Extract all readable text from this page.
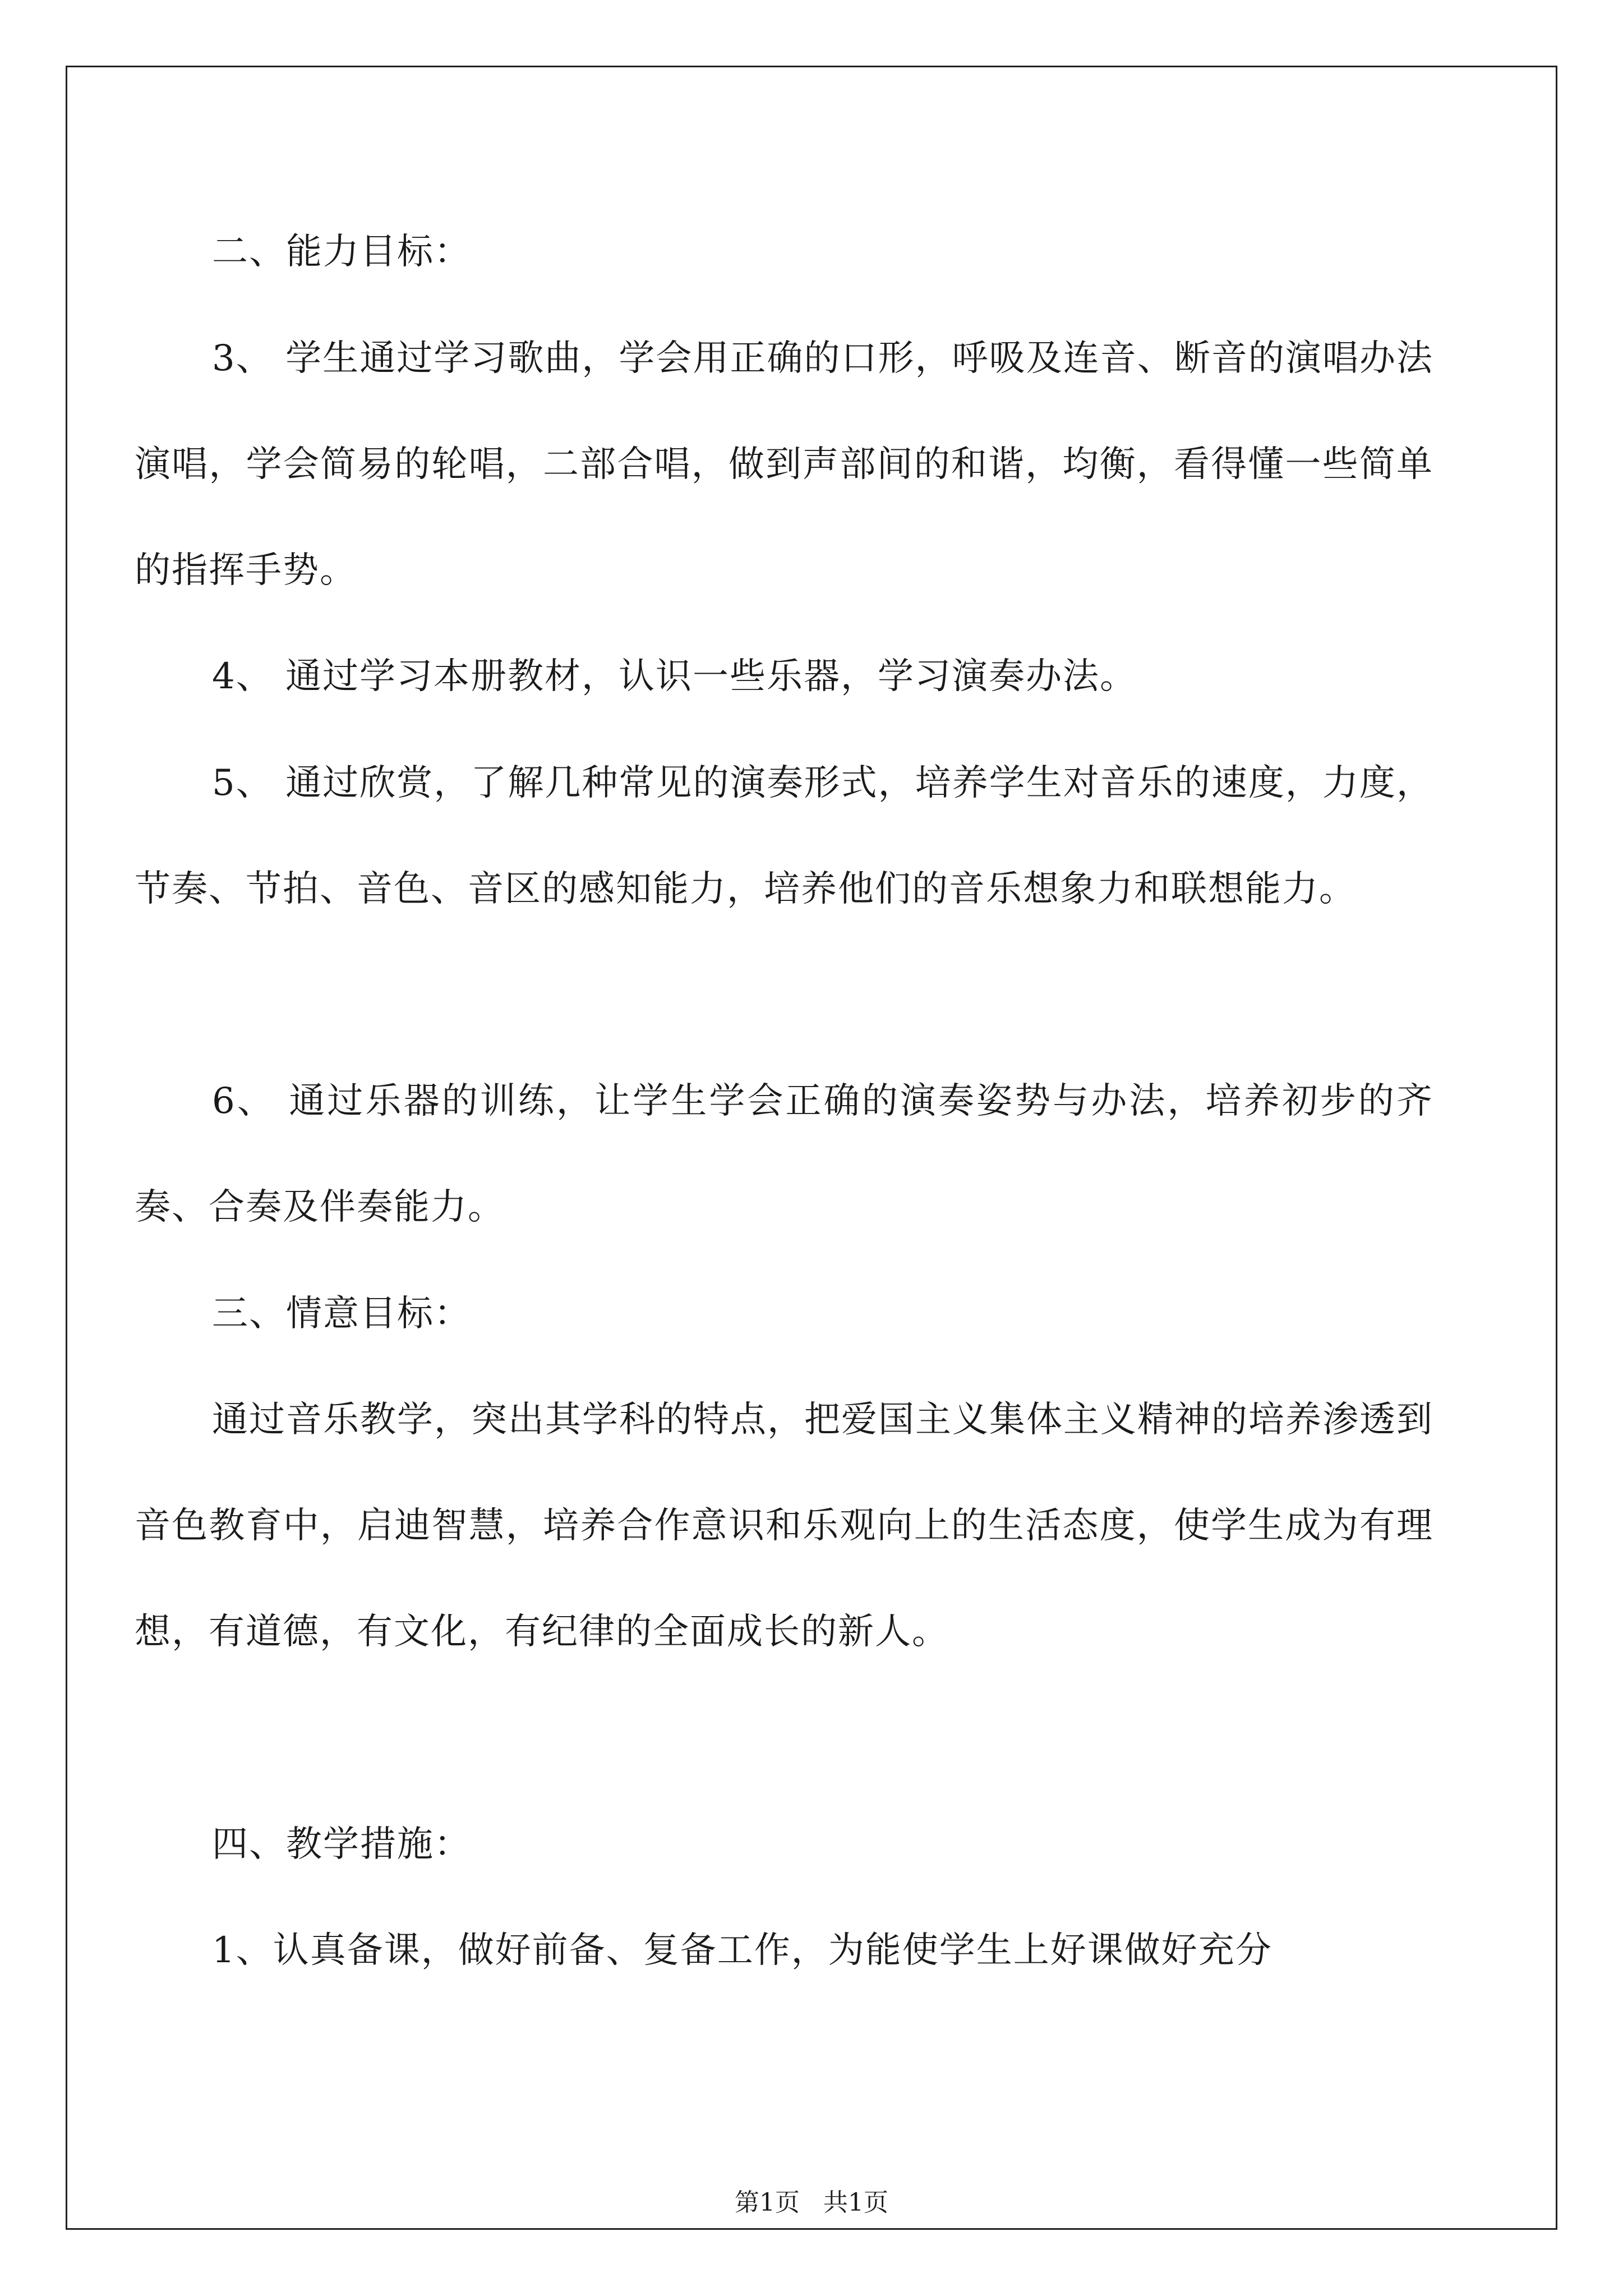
二、能力目标：

3、 学生通过学习歌曲，学会用正确的口形，呼吸及连音、断音的演唱办法演唱，学会简易的轮唱，二部合唱，做到声部间的和谐，均衡，看得懂一些简单的指挥手势。

4、 通过学习本册教材，认识一些乐器，学习演奏办法。

5、 通过欣赏，了解几种常见的演奏形式，培养学生对音乐的速度，力度，节奏、节拍、音色、音区的感知能力，培养他们的音乐想象力和联想能力。

6、 通过乐器的训练，让学生学会正确的演奏姿势与办法，培养初步的齐奏、合奏及伴奏能力。

三、情意目标：

通过音乐教学，突出其学科的特点，把爱国主义集体主义精神的培养渗透到音色教育中，启迪智慧，培养合作意识和乐观向上的生活态度，使学生成为有理想，有道德，有文化，有纪律的全面成长的新人。

四、教学措施：

1、认真备课，做好前备、复备工作，为能使学生上好课做好充分

第1页 共1页
